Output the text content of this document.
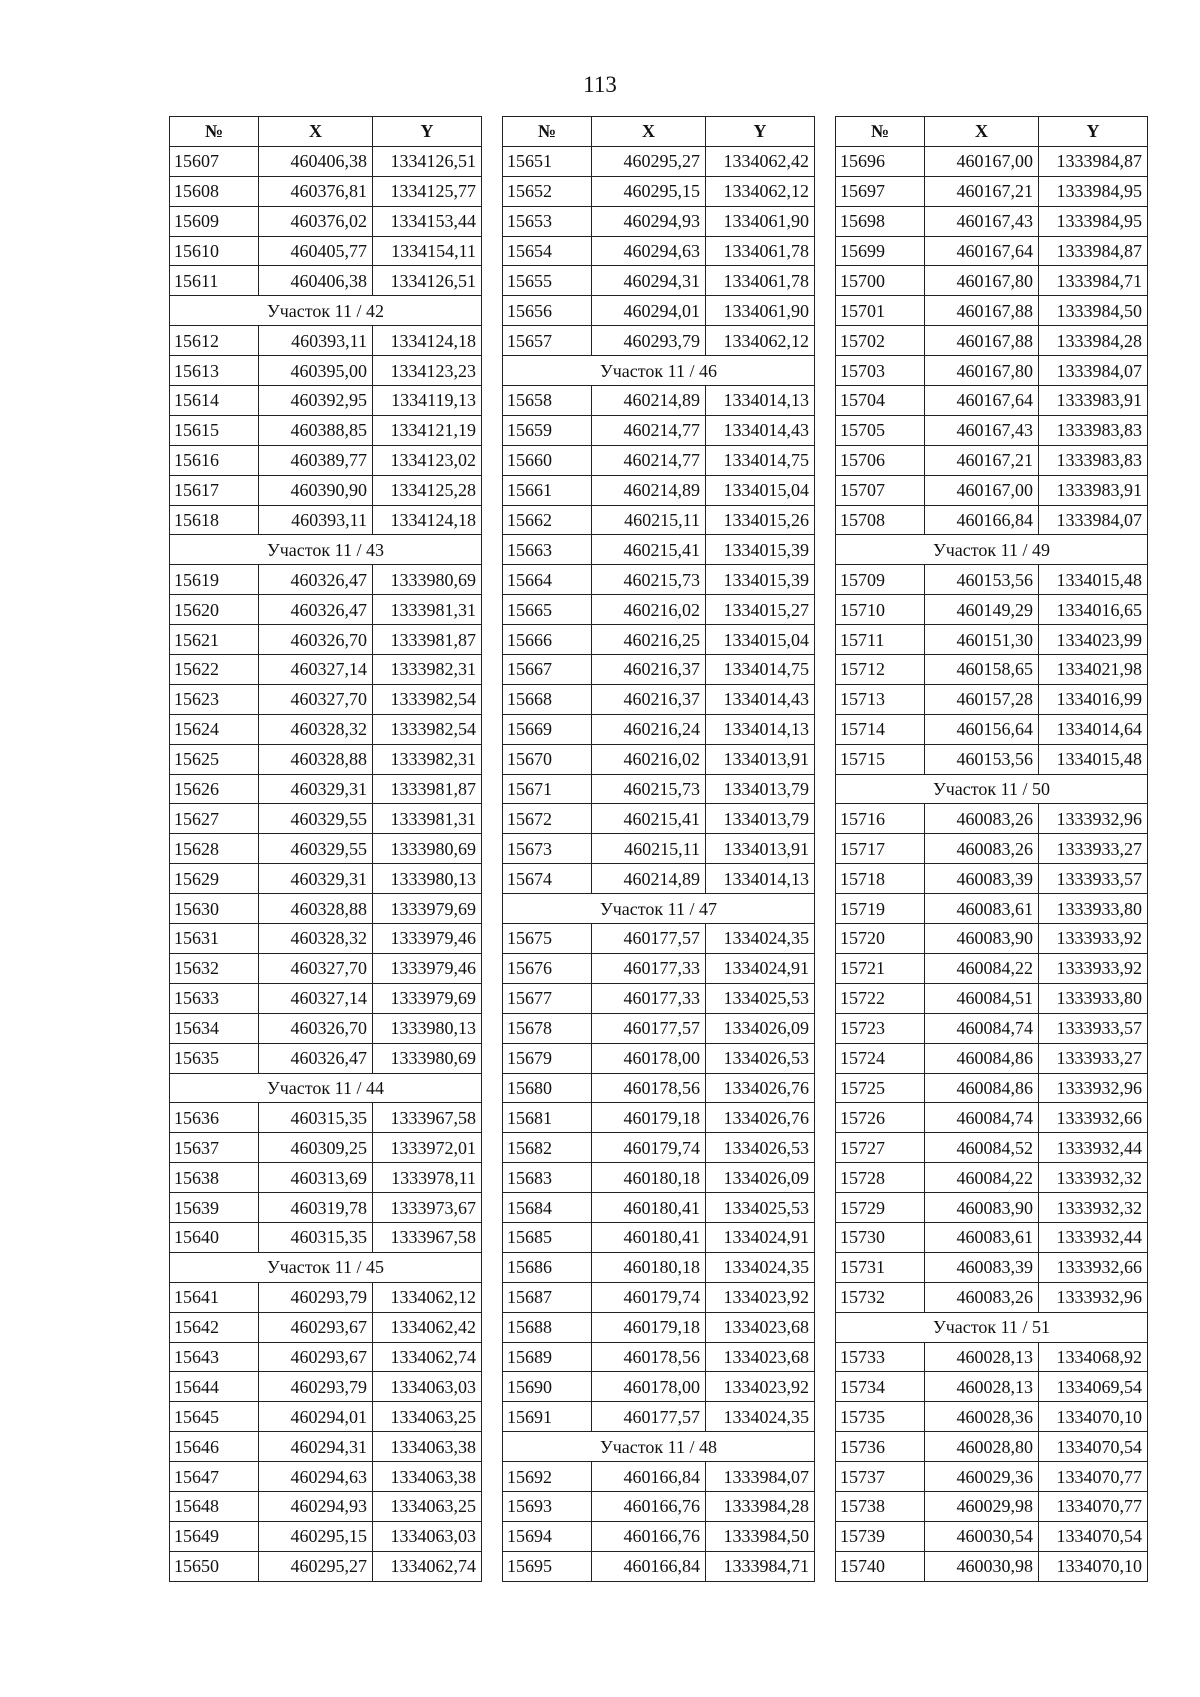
113
№	X	Y
15607	460406,38	1334126,51
15608	460376,81	1334125,77
15609	460376,02	1334153,44
15610	460405,77	1334154,11
15611	460406,38	1334126,51
Участок 11 / 42		
15612	460393,11	1334124,18
15613	460395,00	1334123,23
15614	460392,95	1334119,13
15615	460388,85	1334121,19
15616	460389,77	1334123,02
15617	460390,90	1334125,28
15618	460393,11	1334124,18
Участок 11 / 43		
15619	460326,47	1333980,69
15620	460326,47	1333981,31
15621	460326,70	1333981,87
15622	460327,14	1333982,31
15623	460327,70	1333982,54
15624	460328,32	1333982,54
15625	460328,88	1333982,31
15626	460329,31	1333981,87
15627	460329,55	1333981,31
15628	460329,55	1333980,69
15629	460329,31	1333980,13
15630	460328,88	1333979,69
15631	460328,32	1333979,46
15632	460327,70	1333979,46
15633	460327,14	1333979,69
15634	460326,70	1333980,13
15635	460326,47	1333980,69
Участок 11 / 44		
15636	460315,35	1333967,58
15637	460309,25	1333972,01
15638	460313,69	1333978,11
15639	460319,78	1333973,67
15640	460315,35	1333967,58
Участок 11 / 45		
15641	460293,79	1334062,12
15642	460293,67	1334062,42
15643	460293,67	1334062,74
15644	460293,79	1334063,03
15645	460294,01	1334063,25
15646	460294,31	1334063,38
15647	460294,63	1334063,38
15648	460294,93	1334063,25
15649	460295,15	1334063,03
15650	460295,27	1334062,74
№	X	Y
15651	460295,27	1334062,42
15652	460295,15	1334062,12
15653	460294,93	1334061,90
15654	460294,63	1334061,78
15655	460294,31	1334061,78
15656	460294,01	1334061,90
15657	460293,79	1334062,12
Участок 11 / 46		
15658	460214,89	1334014,13
15659	460214,77	1334014,43
15660	460214,77	1334014,75
15661	460214,89	1334015,04
15662	460215,11	1334015,26
15663	460215,41	1334015,39
15664	460215,73	1334015,39
15665	460216,02	1334015,27
15666	460216,25	1334015,04
15667	460216,37	1334014,75
15668	460216,37	1334014,43
15669	460216,24	1334014,13
15670	460216,02	1334013,91
15671	460215,73	1334013,79
15672	460215,41	1334013,79
15673	460215,11	1334013,91
15674	460214,89	1334014,13
Участок 11 / 47		
15675	460177,57	1334024,35
15676	460177,33	1334024,91
15677	460177,33	1334025,53
15678	460177,57	1334026,09
15679	460178,00	1334026,53
15680	460178,56	1334026,76
15681	460179,18	1334026,76
15682	460179,74	1334026,53
15683	460180,18	1334026,09
15684	460180,41	1334025,53
15685	460180,41	1334024,91
15686	460180,18	1334024,35
15687	460179,74	1334023,92
15688	460179,18	1334023,68
15689	460178,56	1334023,68
15690	460178,00	1334023,92
15691	460177,57	1334024,35
Участок 11 / 48		
15692	460166,84	1333984,07
15693	460166,76	1333984,28
15694	460166,76	1333984,50
15695	460166,84	1333984,71
№	X	Y
15696	460167,00	1333984,87
15697	460167,21	1333984,95
15698	460167,43	1333984,95
15699	460167,64	1333984,87
15700	460167,80	1333984,71
15701	460167,88	1333984,50
15702	460167,88	1333984,28
15703	460167,80	1333984,07
15704	460167,64	1333983,91
15705	460167,43	1333983,83
15706	460167,21	1333983,83
15707	460167,00	1333983,91
15708	460166,84	1333984,07
Участок 11 / 49		
15709	460153,56	1334015,48
15710	460149,29	1334016,65
15711	460151,30	1334023,99
15712	460158,65	1334021,98
15713	460157,28	1334016,99
15714	460156,64	1334014,64
15715	460153,56	1334015,48
Участок 11 / 50		
15716	460083,26	1333932,96
15717	460083,26	1333933,27
15718	460083,39	1333933,57
15719	460083,61	1333933,80
15720	460083,90	1333933,92
15721	460084,22	1333933,92
15722	460084,51	1333933,80
15723	460084,74	1333933,57
15724	460084,86	1333933,27
15725	460084,86	1333932,96
15726	460084,74	1333932,66
15727	460084,52	1333932,44
15728	460084,22	1333932,32
15729	460083,90	1333932,32
15730	460083,61	1333932,44
15731	460083,39	1333932,66
15732	460083,26	1333932,96
Участок 11 / 51		
15733	460028,13	1334068,92
15734	460028,13	1334069,54
15735	460028,36	1334070,10
15736	460028,80	1334070,54
15737	460029,36	1334070,77
15738	460029,98	1334070,77
15739	460030,54	1334070,54
15740	460030,98	1334070,10
